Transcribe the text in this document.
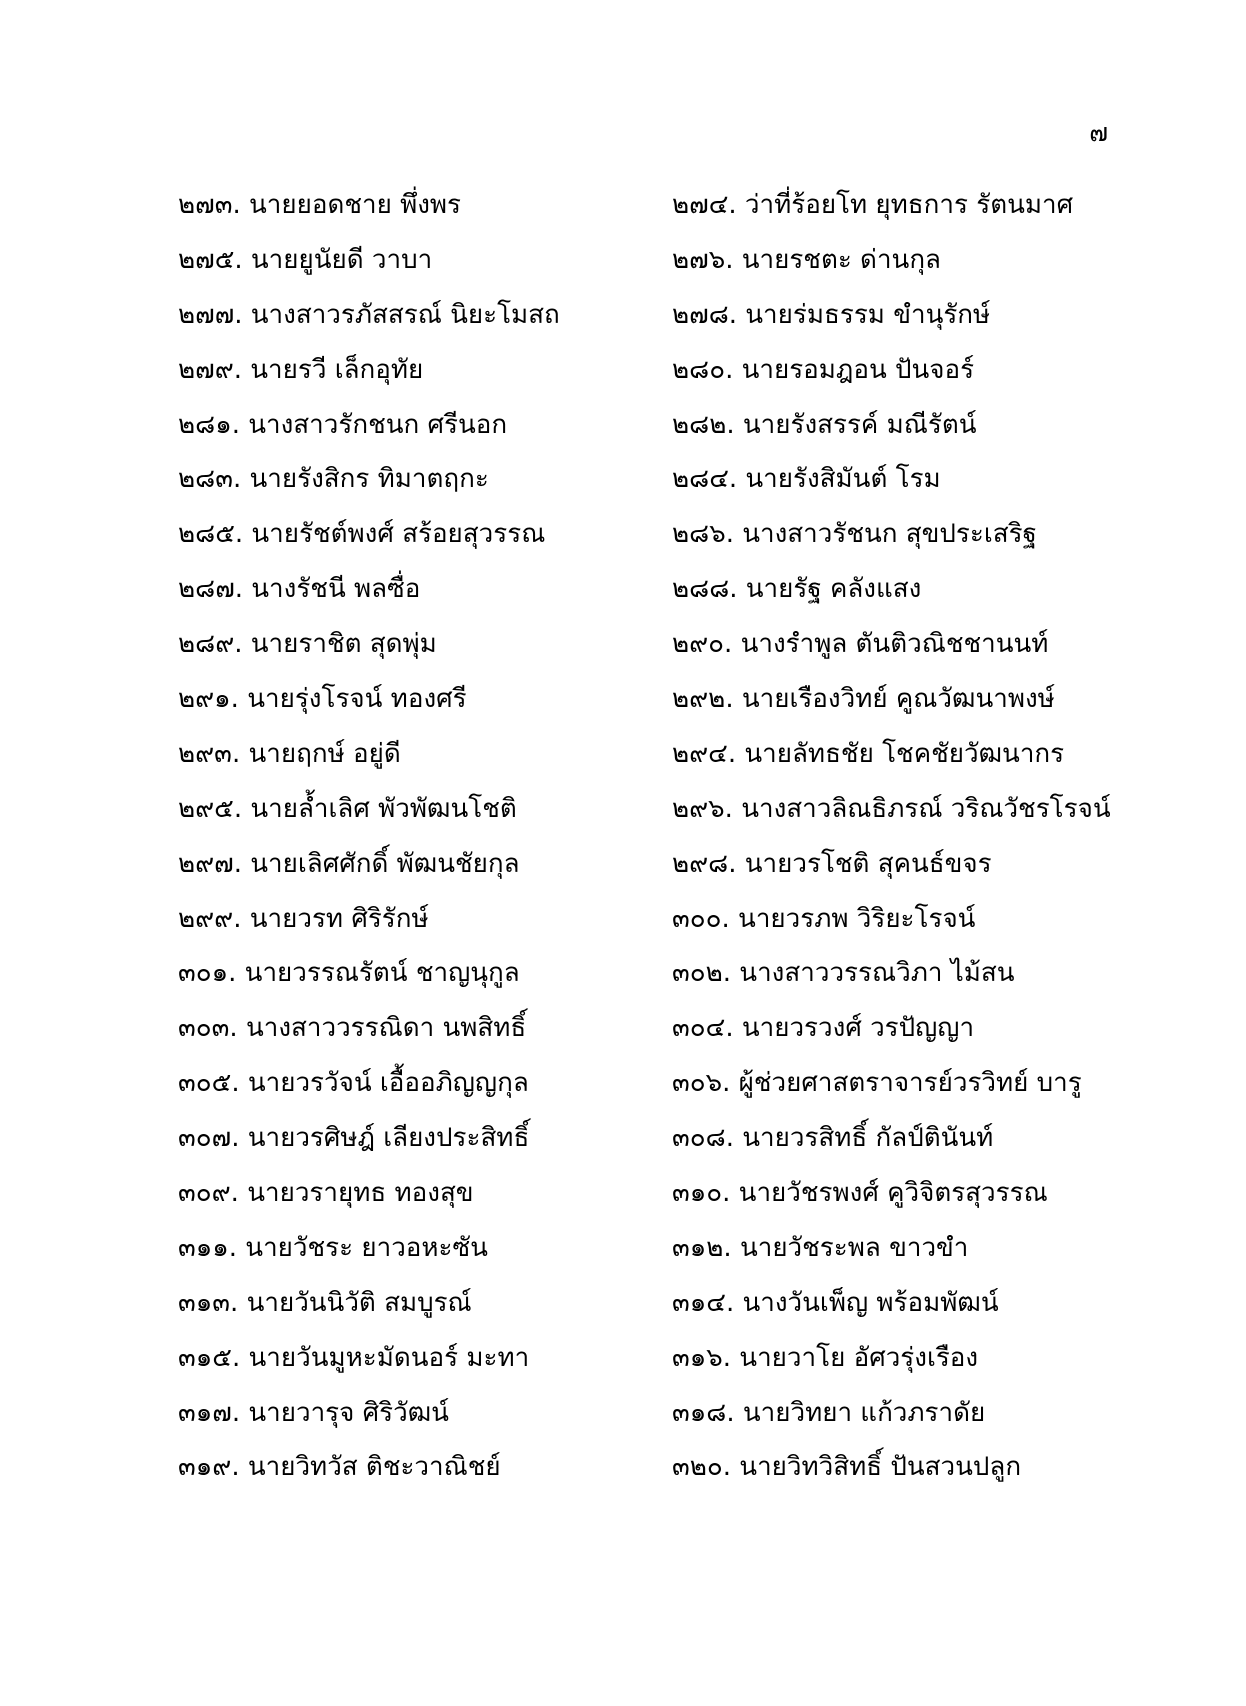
๗
๒๗๓. นายยอดชาย พึ่งพร	๒๗๔. ว่าที่ร้อยโท ยุทธการ รัตนมาศ
๒๗๕. นายยูนัยดี วาบา	๒๗๖. นายรชตะ ด่านกุล
๒๗๗. นางสาวรภัสสรณ์ นิยะโมสถ	๒๗๘. นายร่มธรรม ขำนุรักษ์
๒๗๙. นายรวี เล็กอุทัย	๒๘๐. นายรอมฎอน ปันจอร์
๒๘๑. นางสาวรักชนก ศรีนอก	๒๘๒. นายรังสรรค์ มณีรัตน์
๒๘๓. นายรังสิกร ทิมาตฤกะ	๒๘๔. นายรังสิมันต์ โรม
๒๘๕. นายรัชต์พงศ์ สร้อยสุวรรณ	๒๘๖. นางสาวรัชนก สุขประเสริฐ
๒๘๗. นางรัชนี พลซื่อ	๒๘๘. นายรัฐ คลังแสง
๒๘๙. นายราชิต สุดพุ่ม	๒๙๐. นางรำพูล ตันติวณิชชานนท์
๒๙๑. นายรุ่งโรจน์ ทองศรี	๒๙๒. นายเรืองวิทย์ คูณวัฒนาพงษ์
๒๙๓. นายฤกษ์ อยู่ดี	๒๙๔. นายลัทธชัย โชคชัยวัฒนากร
๒๙๕. นายล้ำเลิศ พัวพัฒนโชติ	๒๙๖. นางสาวลิณธิภรณ์ วริณวัชรโรจน์
๒๙๗. นายเลิศศักดิ์ พัฒนชัยกุล	๒๙๘. นายวรโชติ สุคนธ์ขจร
๒๙๙. นายวรท ศิริรักษ์	๓๐๐. นายวรภพ วิริยะโรจน์
๓๐๑. นายวรรณรัตน์ ชาญนุกูล	๓๐๒. นางสาววรรณวิภา ไม้สน
๓๐๓. นางสาววรรณิดา นพสิทธิ์	๓๐๔. นายวรวงศ์ วรปัญญา
๓๐๕. นายวรวัจน์ เอื้ออภิญญกุล	๓๐๖. ผู้ช่วยศาสตราจารย์วรวิทย์ บารู
๓๐๗. นายวรศิษฎ์ เลียงประสิทธิ์	๓๐๘. นายวรสิทธิ์ กัลป์ตินันท์
๓๐๙. นายวรายุทธ ทองสุข	๓๑๐. นายวัชรพงศ์ คูวิจิตรสุวรรณ
๓๑๑. นายวัชระ ยาวอหะซัน	๓๑๒. นายวัชระพล ขาวขำ
๓๑๓. นายวันนิวัติ สมบูรณ์	๓๑๔. นางวันเพ็ญ พร้อมพัฒน์
๓๑๕. นายวันมูหะมัดนอร์ มะทา	๓๑๖. นายวาโย อัศวรุ่งเรือง
๓๑๗. นายวารุจ ศิริวัฒน์	๓๑๘. นายวิทยา แก้วภราดัย
๓๑๙. นายวิทวัส ติชะวาณิชย์	๓๒๐. นายวิทวิสิทธิ์ ปันสวนปลูก
